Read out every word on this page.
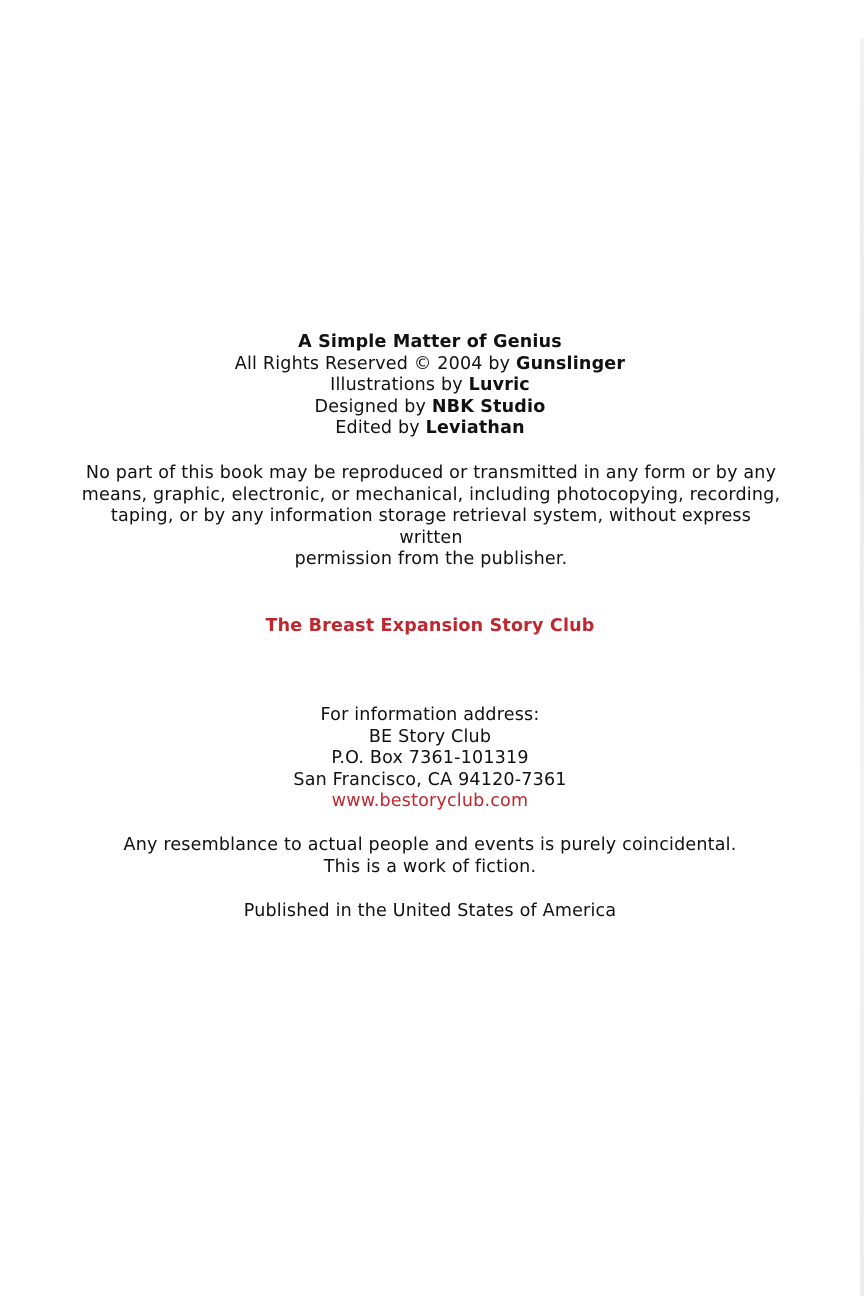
A Simple Matter of Genius
All Rights Reserved © 2004 by Gunslinger
Illustrations by Luvric
Designed by NBK Studio
Edited by Leviathan
No part of this book may be reproduced or transmitted in any form or by any
means, graphic, electronic, or mechanical, including photocopying, recording,
taping, or by any information storage retrieval system, without express written
permission from the publisher.
The Breast Expansion Story Club
For information address:
BE Story Club
P.O. Box 7361-101319
San Francisco, CA 94120-7361
www.bestoryclub.com
Any resemblance to actual people and events is purely coincidental.
This is a work of fiction.
Published in the United States of America
